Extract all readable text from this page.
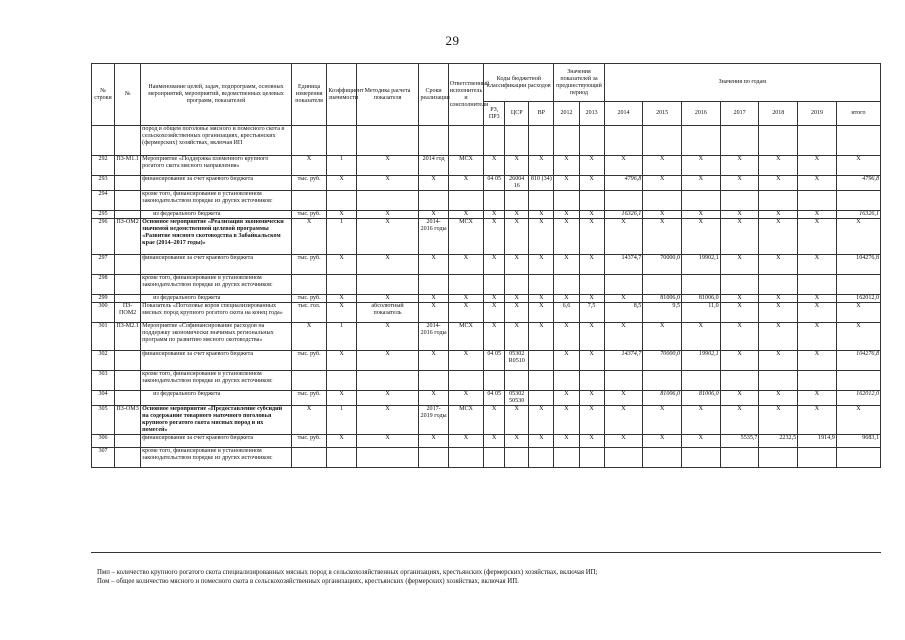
29
№ строки	№	Наименование целей, задач, подпрограмм, основных мероприятий, мероприятий, ведомственных целевых программ, показателей	Единица измерения показателя	Коэффициент значимости	Методика расчета показателя	Сроки реализации	Ответственный исполнитель и соисполнители	Коды бюджетной классификации расходов			Значения показателей за предшествующий период		Значения по годам						
								РЗ, ПР3	ЦСР	ВР	2012	2013	2014	2015	2016	2017	2018	2019	итого
		пород в общем поголовье мясного и помесного скота в сельскохозяйственных организациях, крестьянских (фермерских) хозяйствах, включая ИП																	
292	ПЗ-М1.1	Мероприятие «Поддержка племенного крупного рогатого скота мясного направления»	X	1	X	2014 год	МСХ	X	X	X	X	X	X	X	X	X	X	X	X
293		финансирование за счет краевого бюджета	тыс. руб.	X	X	X	X	04 05	26004 16	810 (34)	X	X	4796,8	X	X	X	X	X	4796,8
294		кроме того, финансирование в установленном законодательством порядке из других источников:																	
295		из федерального бюджета	тыс. руб.	X	X	X	X	X	X	X	X	X	16326,1	X	X	X	X	X	16326,1
296	ПЗ-ОМ2	Основное мероприятие «Реализация экономически значимой ведомственной целевой программы «Развитие мясного скотоводства в Забайкальском крае (2014–2017 годы)»	X	1	X	2014-2016 годы	МСХ	X	X	X	X	X	X	X	X	X	X	X	X
297		финансирование за счет краевого бюджета	тыс. руб.	X	X	X	X	X	X	X	X	X	14374,7	70000,0	19902,1	X	X	X	104276,8
298		кроме того, финансирование в установленном законодательством порядке из других источников:																	
299		из федерального бюджета	тыс. руб.	X	X	X	X	X	X	X	X	X	X	81006,0	81006,0	X	X	X	162012,0
300	ПЗ-ПОМ2	Показатель «Поголовье коров специализированных мясных пород крупного рогатого скота на конец года»	тыс. гол.	X	абсолютный показатель	X	X	X	X	X	6,6	7,5	8,5	9,5	11,0	X	X	X	X
301	ПЗ-М2.1	Мероприятие «Софинансирование расходов на поддержку экономически значимых региональных программ по развитию мясного скотоводства»	X	1	X	2014-2016 годы	МСХ	X	X	X	X	X	X	X	X	X	X	X	X
302		финансирование за счет краевого бюджета	тыс. руб.	X	X	X	X	04 05	05302 R0510		X	X	14374,7	70000,0	19902,1	X	X	X	104276,8
303		кроме того, финансирование в установленном законодательством порядке из других источников:																	
304		из федерального бюджета	тыс. руб.	X	X	X	X	04 05	05302 50530		X	X	X	81006,0	81006,0	X	X	X	162012,0
305	ПЗ-ОМ3	Основное мероприятие «Предоставление субсидий на содержание товарного маточного поголовья крупного рогатого скота мясных пород и их помесей»	X	1	X	2017-2019 годы	МСХ	X	X	X	X	X	X	X	X	X	X	X	X
306		финансирование за счет краевого бюджета	тыс. руб.	X	X	X	X	X	X	X	X	X	X	X	X	5535,7	2232,5	1914,9	9683,1
307		кроме того, финансирование в установленном законодательством порядке из других источников:																	
Пмп – количество крупного рогатого скота специализированных мясных пород в сельскохозяйственных организациях, крестьянских (фермерских) хозяйствах, включая ИП;
Пом – общее количество мясного и помесного скота в сельскохозяйственных организациях, крестьянских (фермерских) хозяйствах, включая ИП.
